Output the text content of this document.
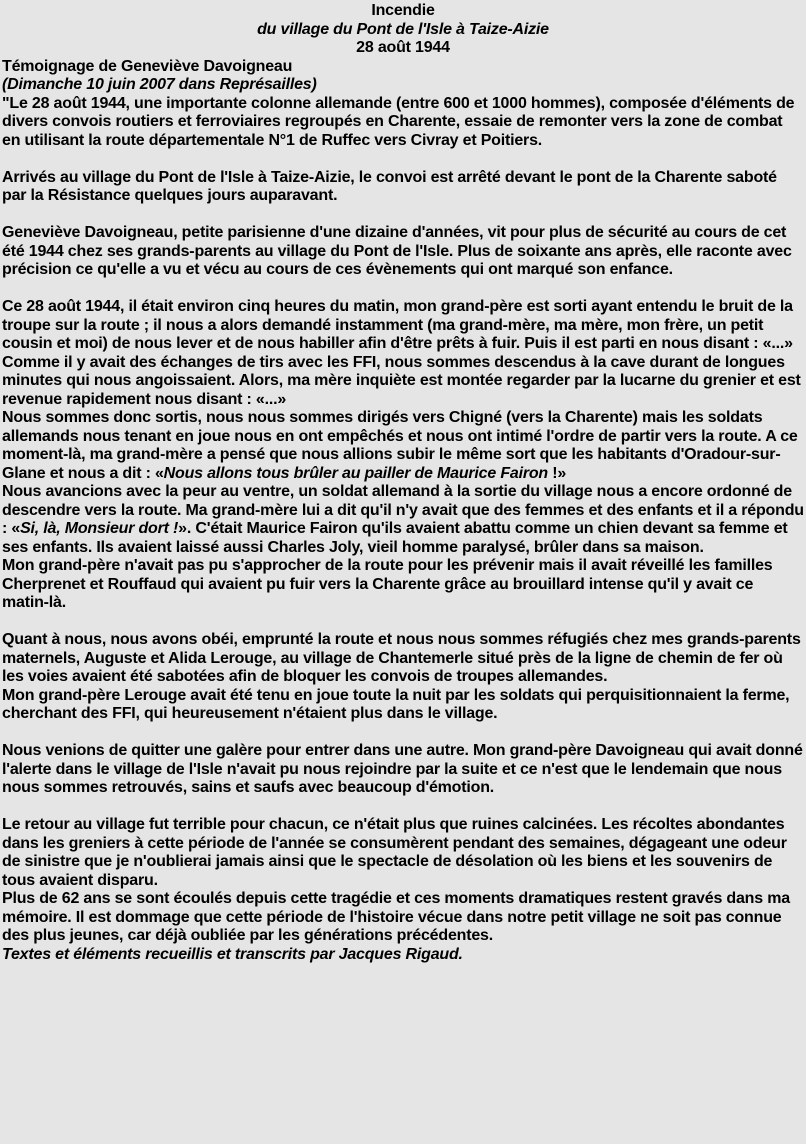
Incendie
du village du Pont de l'Isle à Taize-Aizie
28 août 1944
Témoignage de Geneviève Davoigneau
(Dimanche 10 juin 2007 dans Représailles)
"Le 28 août 1944, une importante colonne allemande (entre 600 et 1000 hommes), composée d'éléments de divers convois routiers et ferroviaires regroupés en Charente, essaie de remonter vers la zone de combat en utilisant la route départementale N°1 de Ruffec vers Civray et Poitiers.
Arrivés au village du Pont de l'Isle à Taize-Aizie, le convoi est arrêté devant le pont de la Charente saboté par la Résistance quelques jours auparavant.
Geneviève Davoigneau, petite parisienne d'une dizaine d'années, vit pour plus de sécurité au cours de cet été 1944 chez ses grands-parents au village du Pont de l'Isle. Plus de soixante ans après, elle raconte avec précision ce qu'elle a vu et vécu au cours de ces évènements qui ont marqué son enfance.
Ce 28 août 1944, il était environ cinq heures du matin, mon grand-père est sorti ayant entendu le bruit de la troupe sur la route ; il nous a alors demandé instamment (ma grand-mère, ma mère, mon frère, un petit cousin et moi) de nous lever et de nous habiller afin d'être prêts à fuir. Puis il est parti en nous disant : «...»
Comme il y avait des échanges de tirs avec les FFI, nous sommes descendus à la cave durant de longues minutes qui nous angoissaient. Alors, ma mère inquiète est montée regarder par la lucarne du grenier et est revenue rapidement nous disant : «...»
Nous sommes donc sortis, nous nous sommes dirigés vers Chigné (vers la Charente) mais les soldats allemands nous tenant en joue nous en ont empêchés et nous ont intimé l'ordre de partir vers la route. A ce moment-là, ma grand-mère a pensé que nous allions subir le même sort que les habitants d'Oradour-sur-Glane et nous a dit : «Nous allons tous brûler au pailler de Maurice Fairon !»
Nous avancions avec la peur au ventre, un soldat allemand à la sortie du village nous a encore ordonné de descendre vers la route. Ma grand-mère lui a dit qu'il n'y avait que des femmes et des enfants et il a répondu : «Si, là, Monsieur dort !». C'était Maurice Fairon qu'ils avaient abattu comme un chien devant sa femme et ses enfants. Ils avaient laissé aussi Charles Joly, vieil homme paralysé, brûler dans sa maison.
Mon grand-père n'avait pas pu s'approcher de la route pour les prévenir mais il avait réveillé les familles Cherprenet et Rouffaud qui avaient pu fuir vers la Charente grâce au brouillard intense qu'il y avait ce matin-là.
Quant à nous, nous avons obéi, emprunté la route et nous nous sommes réfugiés chez mes grands-parents maternels, Auguste et Alida Lerouge, au village de Chantemerle situé près de la ligne de chemin de fer où les voies avaient été sabotées afin de bloquer les convois de troupes allemandes.
Mon grand-père Lerouge avait été tenu en joue toute la nuit par les soldats qui perquisitionnaient la ferme, cherchant des FFI, qui heureusement n'étaient plus dans le village.
Nous venions de quitter une galère pour entrer dans une autre. Mon grand-père Davoigneau qui avait donné l'alerte dans le village de l'Isle n'avait pu nous rejoindre par la suite et ce n'est que le lendemain que nous nous sommes retrouvés, sains et saufs avec beaucoup d'émotion.
Le retour au village fut terrible pour chacun, ce n'était plus que ruines calcinées. Les récoltes abondantes dans les greniers à cette période de l'année se consumèrent pendant des semaines, dégageant une odeur de sinistre que je n'oublierai jamais ainsi que le spectacle de désolation où les biens et les souvenirs de tous avaient disparu.
Plus de 62 ans se sont écoulés depuis cette tragédie et ces moments dramatiques restent gravés dans ma mémoire. Il est dommage que cette période de l'histoire vécue dans notre petit village ne soit pas connue des plus jeunes, car déjà oubliée par les générations précédentes.
Textes et éléments recueillis et transcrits par Jacques Rigaud.
